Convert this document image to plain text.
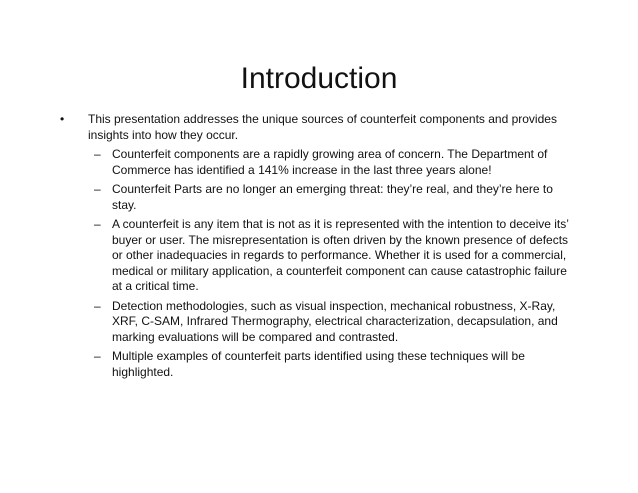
Introduction
•	This presentation addresses the unique sources of counterfeit components and provides insights into how they occur.
– Counterfeit components are a rapidly growing area of concern. The Department of Commerce has identified a 141% increase in the last three years alone!
– Counterfeit Parts are no longer an emerging threat: they’re real, and they’re here to stay.
– A counterfeit is any item that is not as it is represented with the intention to deceive its’ buyer or user. The misrepresentation is often driven by the known presence of defects or other inadequacies in regards to performance. Whether it is used for a commercial, medical or military application, a counterfeit component can cause catastrophic failure at a critical time.
– Detection methodologies, such as visual inspection, mechanical robustness, X-Ray, XRF, C-SAM, Infrared Thermography, electrical characterization, decapsulation, and marking evaluations will be compared and contrasted.
– Multiple examples of counterfeit parts identified using these techniques will be highlighted.
